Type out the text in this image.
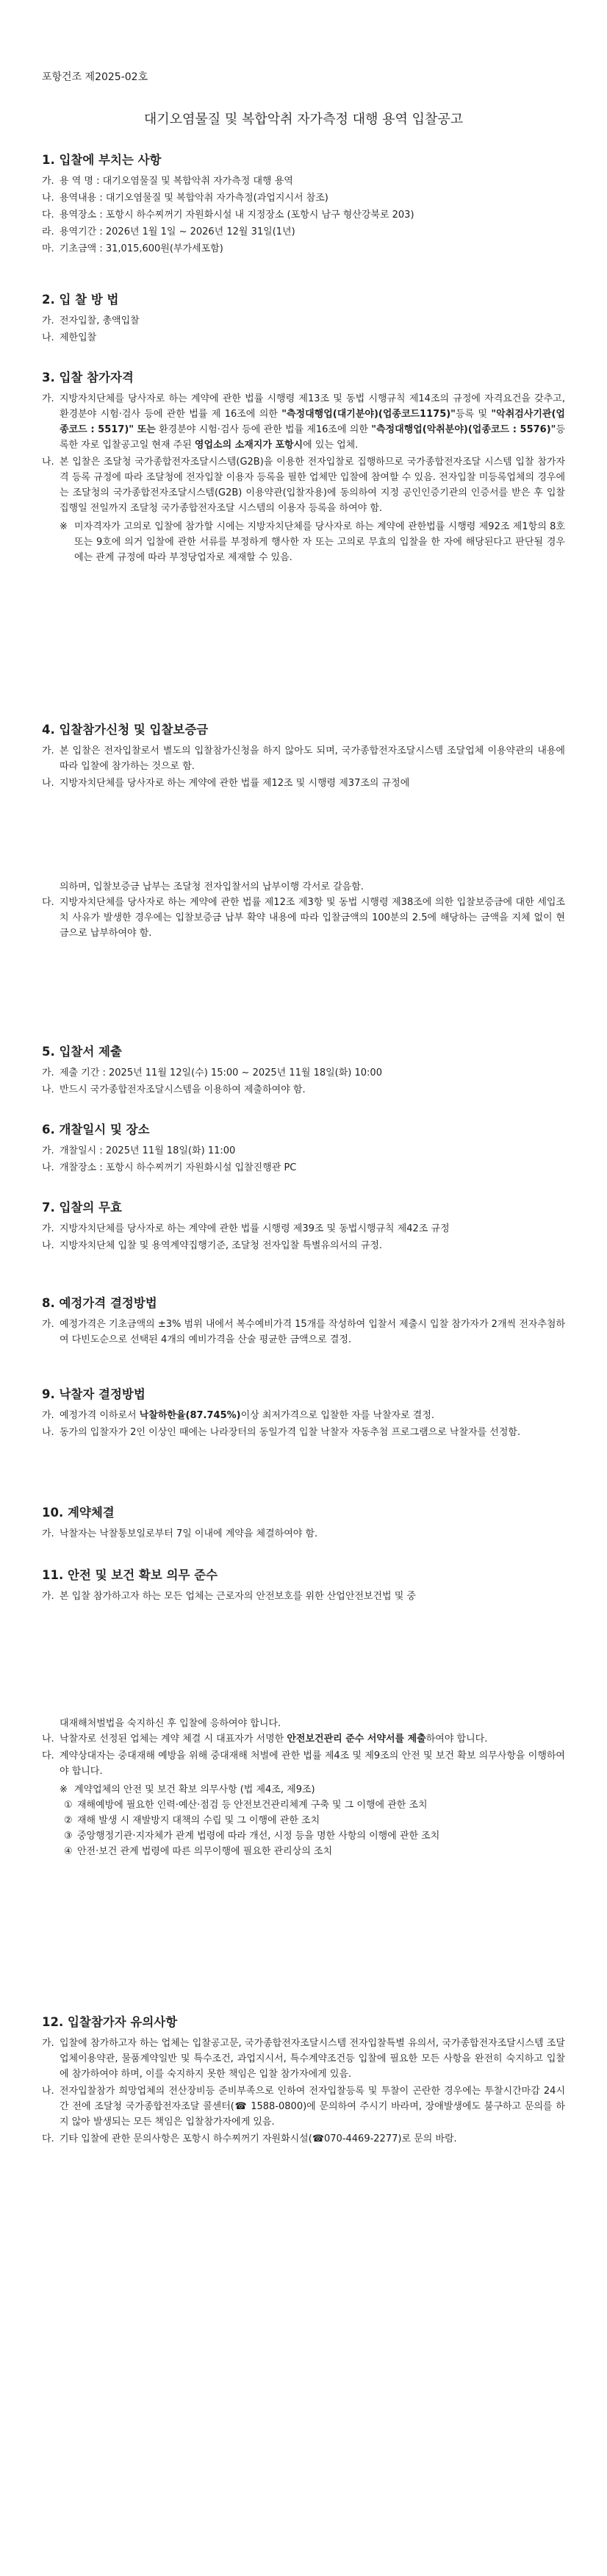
포항건조 제2025-02호
대기오염물질 및 복합악취 자가측정 대행 용역 입찰공고
1. 입찰에 부치는 사항
가. 용 역 명 : 대기오염물질 및 복합악취 자가측정 대행 용역
나. 용역내용 : 대기오염물질 및 복합악취 자가측정(과업지시서 참조)
다. 용역장소 : 포항시 하수찌꺼기 자원화시설 내 지정장소 (포항시 남구 형산강북로 203)
라. 용역기간 : 2026년 1월 1일 ~ 2026년 12월 31일(1년)
마. 기초금액 : 31,015,600원(부가세포함)
2. 입 찰 방 법
가. 전자입찰, 총액입찰
나. 제한입찰
3. 입찰 참가자격
가. 지방자치단체를 당사자로 하는 계약에 관한 법률 시행령 제13조 및 동법 시행규칙 제14조의 규정에 자격요건을 갖추고, 환경분야 시험·검사 등에 관한 법률 제 16조에 의한 "측정대행업(대기분야)(업종코드1175)"등록 및 "악취검사기관(업종코드 : 5517)" 또는 환경분야 시험·검사 등에 관한 법률 제16조에 의한 "측정대행업(악취분야)(업종코드 : 5576)"등록한 자로 입찰공고일 현재 주된 영업소의 소재지가 포항시에 있는 업체.
나. 본 입찰은 조달청 국가종합전자조달시스템(G2B)을 이용한 전자입찰로 집행하므로 국가종합전자조달 시스템 입찰 참가자격 등록 규정에 따라 조달청에 전자입찰 이용자 등록을 필한 업체만 입찰에 참여할 수 있음. 전자입찰 미등록업체의 경우에는 조달청의 국가종합전자조달시스템(G2B) 이용약관(입찰자용)에 동의하여 지정 공인인증기관의 인증서를 받은 후 입찰집행일 전일까지 조달청 국가종합전자조달 시스템의 이용자 등록을 하여야 함.
※ 미자격자가 고의로 입찰에 참가할 시에는 지방자치단체를 당사자로 하는 계약에 관한법률 시행령 제92조 제1항의 8호 또는 9호에 의거 입찰에 관한 서류를 부정하게 행사한 자 또는 고의로 무효의 입찰을 한 자에 해당된다고 판단될 경우에는 관계 규정에 따라 부정당업자로 제재할 수 있음.
4. 입찰참가신청 및 입찰보증금
가. 본 입찰은 전자입찰로서 별도의 입찰참가신청을 하지 않아도 되며, 국가종합전자조달시스템 조달업체 이용약관의 내용에 따라 입찰에 참가하는 것으로 함.
나. 지방자치단체를 당사자로 하는 계약에 관한 법률 제12조 및 시행령 제37조의 규정에
의하며, 입찰보증금 납부는 조달청 전자입찰서의 납부이행 각서로 갈음함.
다. 지방자치단체를 당사자로 하는 계약에 관한 법률 제12조 제3항 및 동법 시행령 제38조에 의한 입찰보증금에 대한 세입조치 사유가 발생한 경우에는 입찰보증금 납부 확약 내용에 따라 입찰금액의 100분의 2.5에 해당하는 금액을 지체 없이 현금으로 납부하여야 함.
5. 입찰서 제출
가. 제출 기간 : 2025년 11월 12일(수) 15:00 ~ 2025년 11월 18일(화) 10:00
나. 반드시 국가종합전자조달시스템을 이용하여 제출하여야 함.
6. 개찰일시 및 장소
가. 개찰일시 : 2025년 11월 18일(화) 11:00
나. 개찰장소 : 포항시 하수찌꺼기 자원화시설 입찰진행관 PC
7. 입찰의 무효
가. 지방자치단체를 당사자로 하는 계약에 관한 법률 시행령 제39조 및 동법시행규칙 제42조 규정
나. 지방자치단체 입찰 및 용역계약집행기준, 조달청 전자입찰 특별유의서의 규정.
8. 예정가격 결정방법
가. 예정가격은 기초금액의 ±3% 범위 내에서 복수예비가격 15개를 작성하여 입찰서 제출시 입찰 참가자가 2개씩 전자추첨하여 다빈도순으로 선택된 4개의 예비가격을 산술 평균한 금액으로 결정.
9. 낙찰자 결정방법
가. 예정가격 이하로서 낙찰하한율(87.745%)이상 최저가격으로 입찰한 자를 낙찰자로 결정.
나. 동가의 입찰자가 2인 이상인 때에는 나라장터의 동일가격 입찰 낙찰자 자동추첨 프로그램으로 낙찰자를 선정함.
10. 계약체결
가. 낙찰자는 낙찰통보일로부터 7일 이내에 계약을 체결하여야 함.
11. 안전 및 보건 확보 의무 준수
가. 본 입찰 참가하고자 하는 모든 업체는 근로자의 안전보호를 위한 산업안전보건법 및 중
대재해처벌법을 숙지하신 후 입찰에 응하여야 합니다.
나. 낙찰자로 선정된 업체는 계약 체결 시 대표자가 서명한 안전보건관리 준수 서약서를 제출하여야 합니다.
다. 계약상대자는 중대재해 예방을 위해 중대재해 처벌에 관한 법률 제4조 및 제9조의 안전 및 보건 확보 의무사항을 이행하여야 합니다.
※ 계약업체의 안전 및 보건 확보 의무사항 (법 제4조, 제9조)
① 재해예방에 필요한 인력·예산·점검 등 안전보건관리체계 구축 및 그 이행에 관한 조치
② 재해 발생 시 재발방지 대책의 수립 및 그 이행에 관한 조치
③ 중앙행정기관·지자체가 관계 법령에 따라 개선, 시정 등을 명한 사항의 이행에 관한 조치
④ 안전·보건 관계 법령에 따른 의무이행에 필요한 관리상의 조치
12. 입찰참가자 유의사항
가. 입찰에 참가하고자 하는 업체는 입찰공고문, 국가종합전자조달시스템 전자입찰특별 유의서, 국가종합전자조달시스템 조달업체이용약관, 물품계약일반 및 특수조건, 과업지시서, 특수계약조건등 입찰에 필요한 모든 사항을 완전히 숙지하고 입찰에 참가하여야 하며, 이를 숙지하지 못한 책임은 입찰 참가자에게 있음.
나. 전자입찰참가 희망업체의 전산장비등 준비부족으로 인하여 전자입찰등록 및 투찰이 곤란한 경우에는 투찰시간마감 24시간 전에 조달청 국가종합전자조달 콜센터(☎ 1588-0800)에 문의하여 주시기 바라며, 장애발생에도 불구하고 문의를 하지 않아 발생되는 모든 책임은 입찰참가자에게 있음.
다. 기타 입찰에 관한 문의사항은 포항시 하수찌꺼기 자원화시설(☎070-4469-2277)로 문의 바람.
